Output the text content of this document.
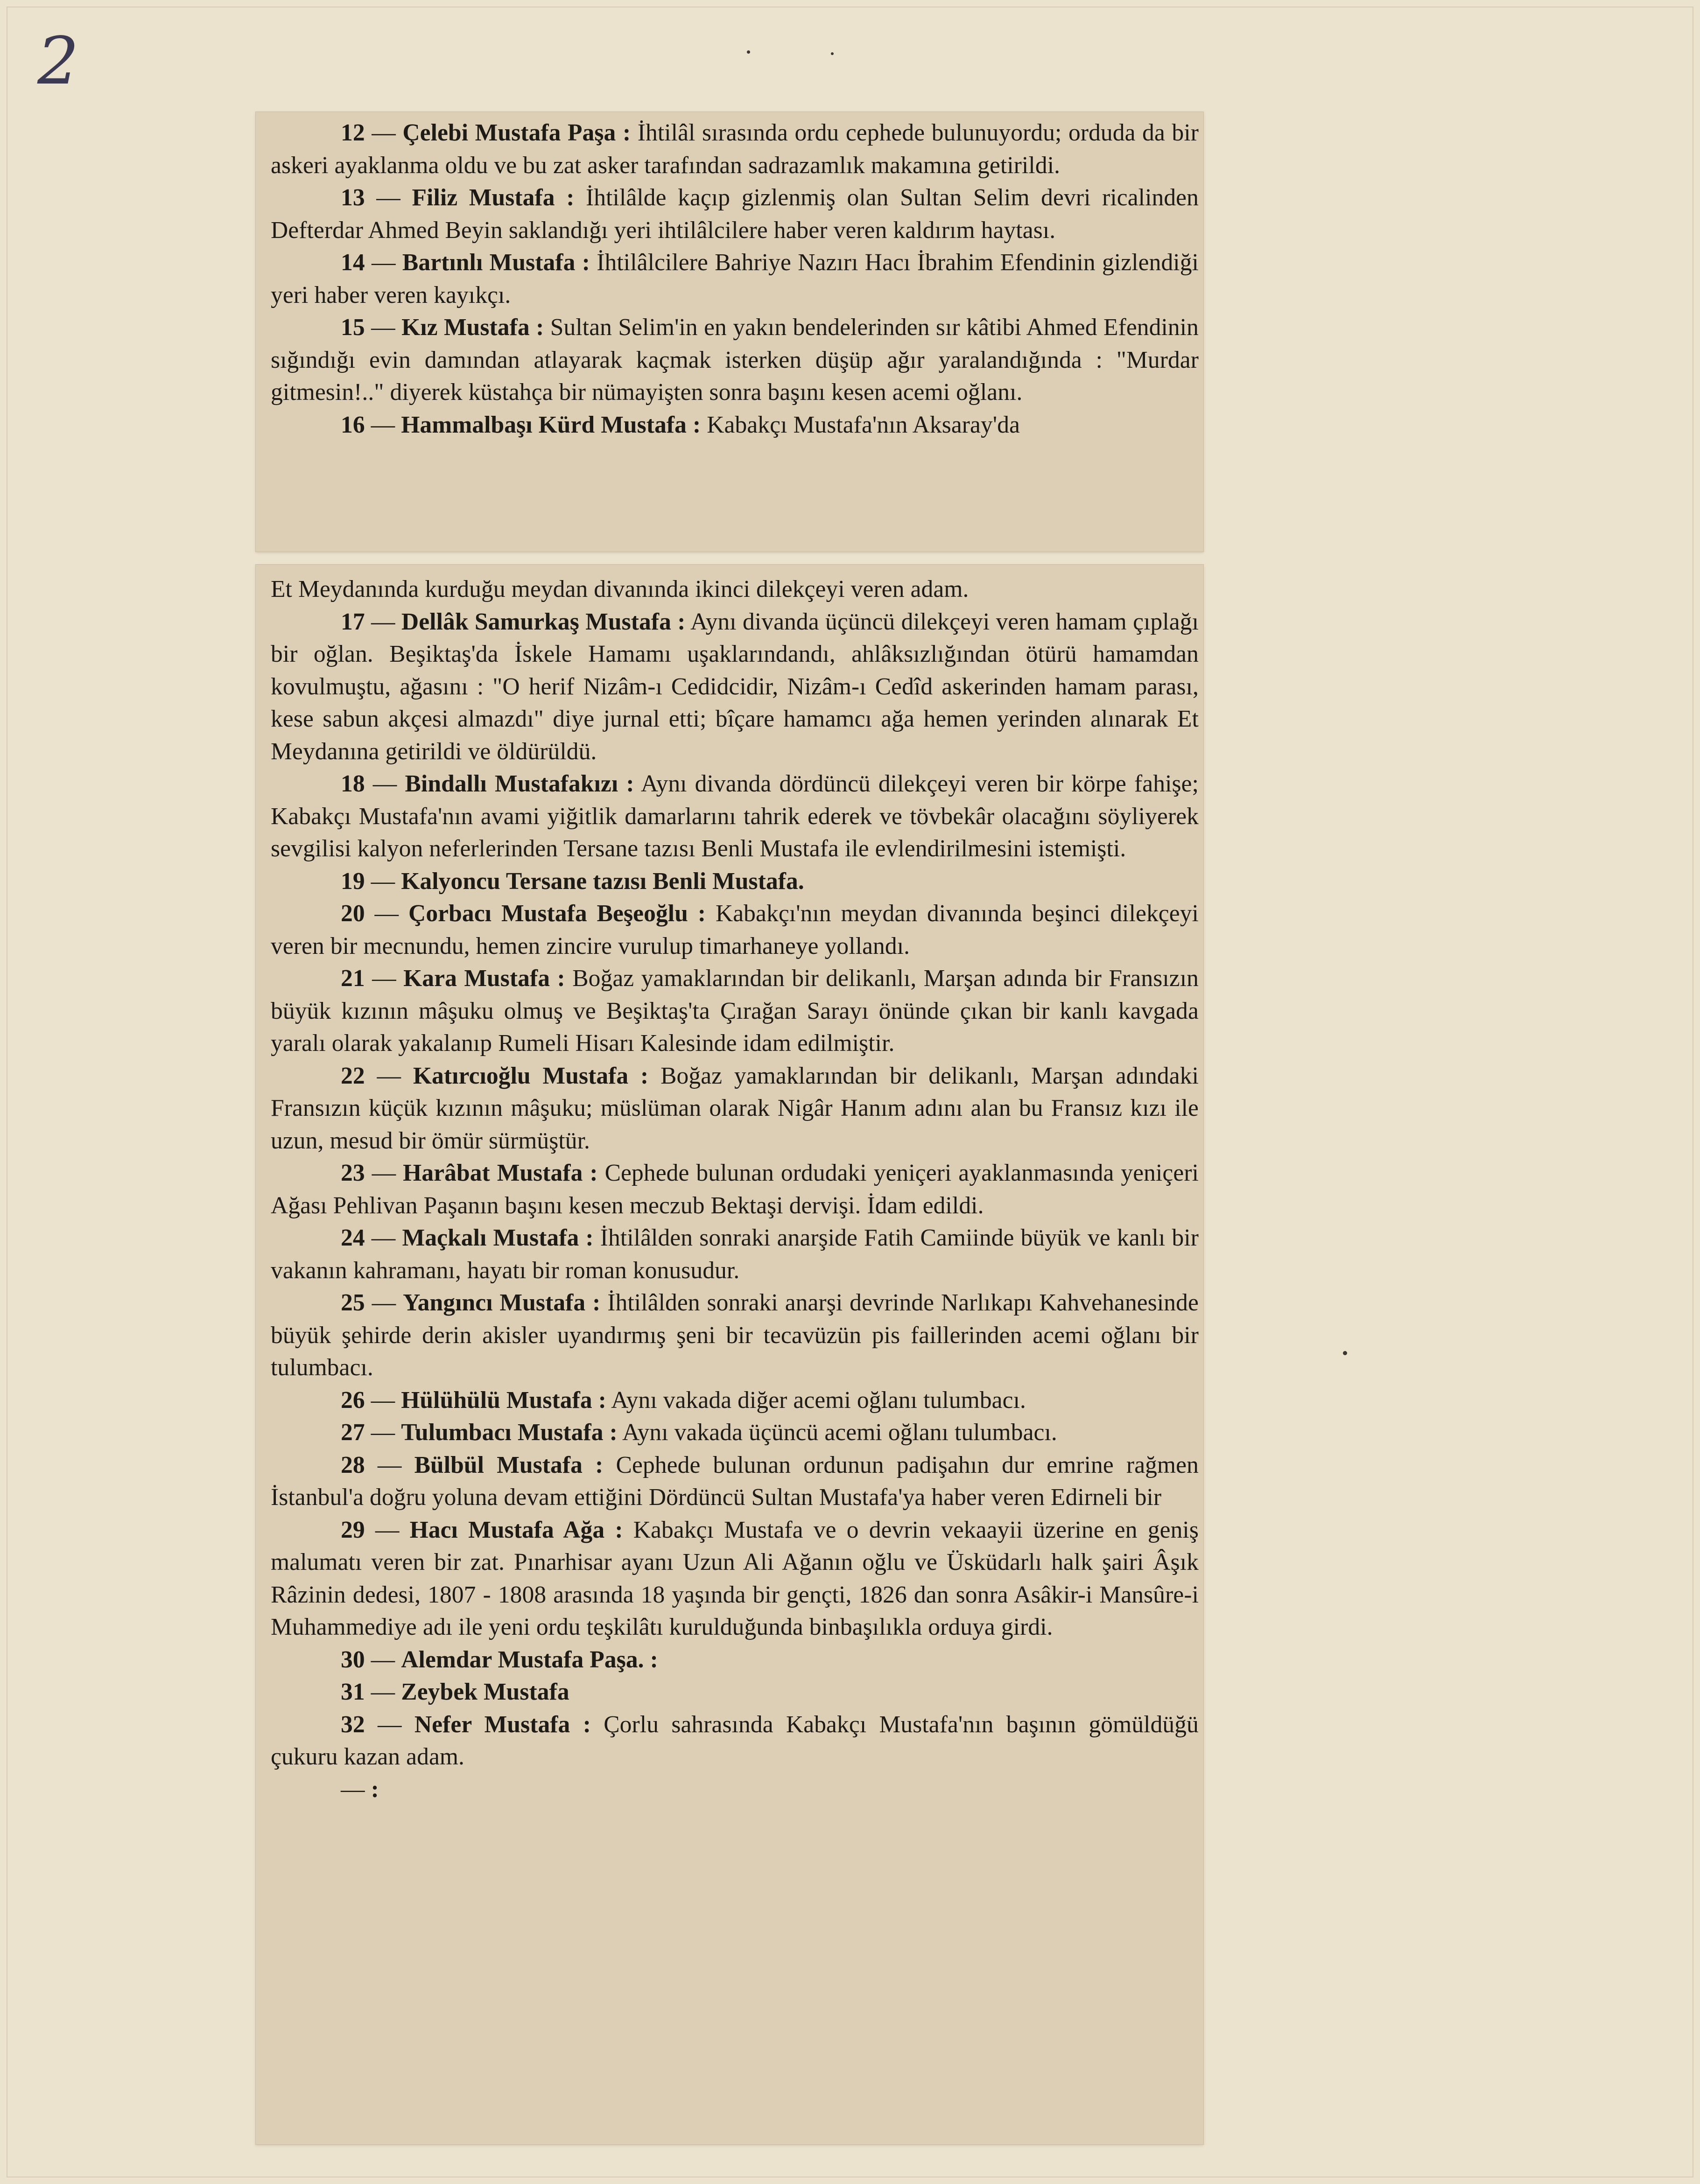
2

12 — Çelebi Mustafa Paşa : İhtilâl sırasında ordu cephede bulunuyordu; orduda da bir askeri ayaklanma oldu ve bu zat asker tarafından sadrazamlık makamına getirildi.

13 — Filiz Mustafa : İhtilâlde kaçıp gizlenmiş olan Sultan Selim devri ricalinden Defterdar Ahmed Beyin saklandığı yeri ihtilâlcilere haber veren kaldırım haytası.

14 — Bartınlı Mustafa : İhtilâlcilere Bahriye Nazırı Hacı İbrahim Efendinin gizlendiği yeri haber veren kayıkçı.

15 — Kız Mustafa : Sultan Selim'in en yakın bendelerinden sır kâtibi Ahmed Efendinin sığındığı evin damından atlayarak kaçmak isterken düşüp ağır yaralandığında : "Murdar gitmesin!.." diyerek küstahça bir nümayişten sonra başını kesen acemi oğlanı.

16 — Hammalbaşı Kürd Mustafa : Kabakçı Mustafa'nın Aksaray'da

Et Meydanında kurduğu meydan divanında ikinci dilekçeyi veren adam.

17 — Dellâk Samurkaş Mustafa : Aynı divanda üçüncü dilekçeyi veren hamam çıplağı bir oğlan. Beşiktaş'da İskele Hamamı uşaklarındandı, ahlâksızlığından ötürü hamamdan kovulmuştu, ağasını : "O herif Nizâm-ı Cedidcidir, Nizâm-ı Cedîd askerinden hamam parası, kese sabun akçesi almazdı" diye jurnal etti; bîçare hamamcı ağa hemen yerinden alınarak Et Meydanına getirildi ve öldürüldü.

18 — Bindallı Mustafakızı : Aynı divanda dördüncü dilekçeyi veren bir körpe fahişe; Kabakçı Mustafa'nın avami yiğitlik damarlarını tahrik ederek ve tövbekâr olacağını söyliyerek sevgilisi kalyon neferlerinden Tersane tazısı Benli Mustafa ile evlendirilmesini istemişti.

19 — Kalyoncu Tersane tazısı Benli Mustafa.

20 — Çorbacı Mustafa Beşeoğlu : Kabakçı'nın meydan divanında beşinci dilekçeyi veren bir mecnundu, hemen zincire vurulup timarhaneye yollandı.

21 — Kara Mustafa : Boğaz yamaklarından bir delikanlı, Marşan adında bir Fransızın büyük kızının mâşuku olmuş ve Beşiktaş'ta Çırağan Sarayı önünde çıkan bir kanlı kavgada yaralı olarak yakalanıp Rumeli Hisarı Kalesinde idam edilmiştir.

22 — Katırcıoğlu Mustafa : Boğaz yamaklarından bir delikanlı, Marşan adındaki Fransızın küçük kızının mâşuku; müslüman olarak Nigâr Hanım adını alan bu Fransız kızı ile uzun, mesud bir ömür sürmüştür.

23 — Harâbat Mustafa : Cephede bulunan ordudaki yeniçeri ayaklanmasında yeniçeri Ağası Pehlivan Paşanın başını kesen meczub Bektaşi dervişi. İdam edildi.

24 — Maçkalı Mustafa : İhtilâlden sonraki anarşide Fatih Camiinde büyük ve kanlı bir vakanın kahramanı, hayatı bir roman konusudur.

25 — Yangıncı Mustafa : İhtilâlden sonraki anarşi devrinde Narlıkapı Kahvehanesinde büyük şehirde derin akisler uyandırmış şeni bir tecavüzün pis faillerinden acemi oğlanı bir tulumbacı.

26 — Hülühülü Mustafa : Aynı vakada diğer acemi oğlanı tulumbacı.

27 — Tulumbacı Mustafa : Aynı vakada üçüncü acemi oğlanı tulumbacı.

28 — Bülbül Mustafa : Cephede bulunan ordunun padişahın dur emrine rağmen İstanbul'a doğru yoluna devam ettiğini Dördüncü Sultan Mustafa'ya haber veren Edirneli bir

29 — Hacı Mustafa Ağa : Kabakçı Mustafa ve o devrin vekaayii üzerine en geniş malumatı veren bir zat. Pınarhisar ayanı Uzun Ali Ağanın oğlu ve Üsküdarlı halk şairi Âşık Râzinin dedesi, 1807 - 1808 arasında 18 yaşında bir gençti, 1826 dan sonra Asâkir-i Mansûre-i Muhammediye adı ile yeni ordu teşkilâtı kurulduğunda binbaşılıkla orduya girdi.

30 — Alemdar Mustafa Paşa. :

31 — Zeybek Mustafa

32 — Nefer Mustafa : Çorlu sahrasında Kabakçı Mustafa'nın başının gömüldüğü çukuru kazan adam.

— :
